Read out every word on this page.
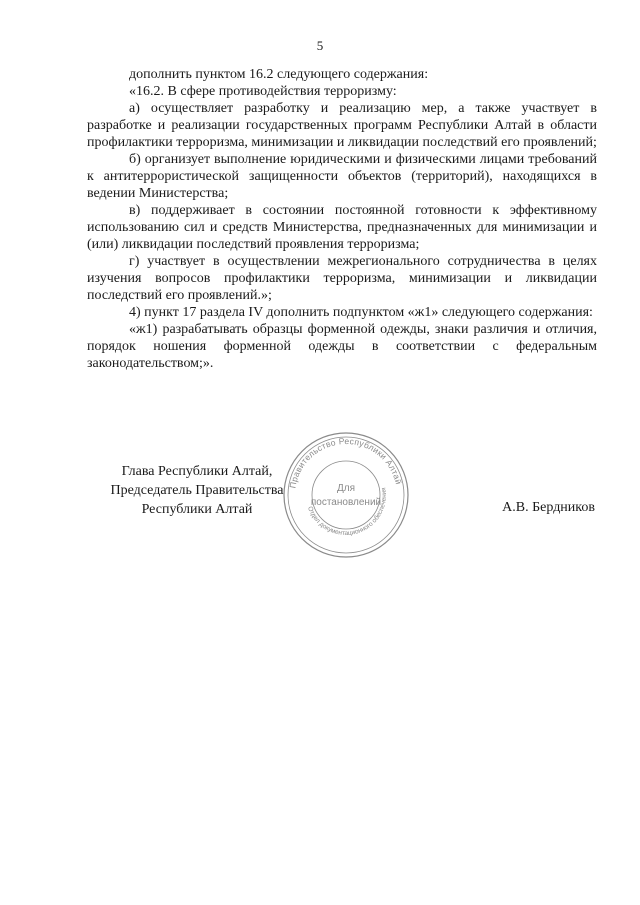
5

дополнить пунктом 16.2 следующего содержания:

«16.2. В сфере противодействия терроризму:

а) осуществляет разработку и реализацию мер, а также участвует в разработке и реализации государственных программ Республики Алтай в области профилактики терроризма, минимизации и ликвидации последствий его проявлений;

б) организует выполнение юридическими и физическими лицами требований к антитеррористической защищенности объектов (территорий), находящихся в ведении Министерства;

в) поддерживает в состоянии постоянной готовности к эффективному использованию сил и средств Министерства, предназначенных для минимизации и (или) ликвидации последствий проявления терроризма;

г) участвует в осуществлении межрегионального сотрудничества в целях изучения вопросов профилактики терроризма, минимизации и ликвидации последствий его проявлений.»;

4) пункт 17 раздела IV дополнить подпунктом «ж1» следующего содержания:

«ж1) разрабатывать образцы форменной одежды, знаки различия и отличия, порядок ношения форменной одежды в соответствии с федеральным законодательством;».

Глава Республики Алтай,
Председатель Правительства
Республики Алтай	А.В. Бердников
Правительство Республики Алтай
Отдел документационного обеспечения
Для
постановлений
